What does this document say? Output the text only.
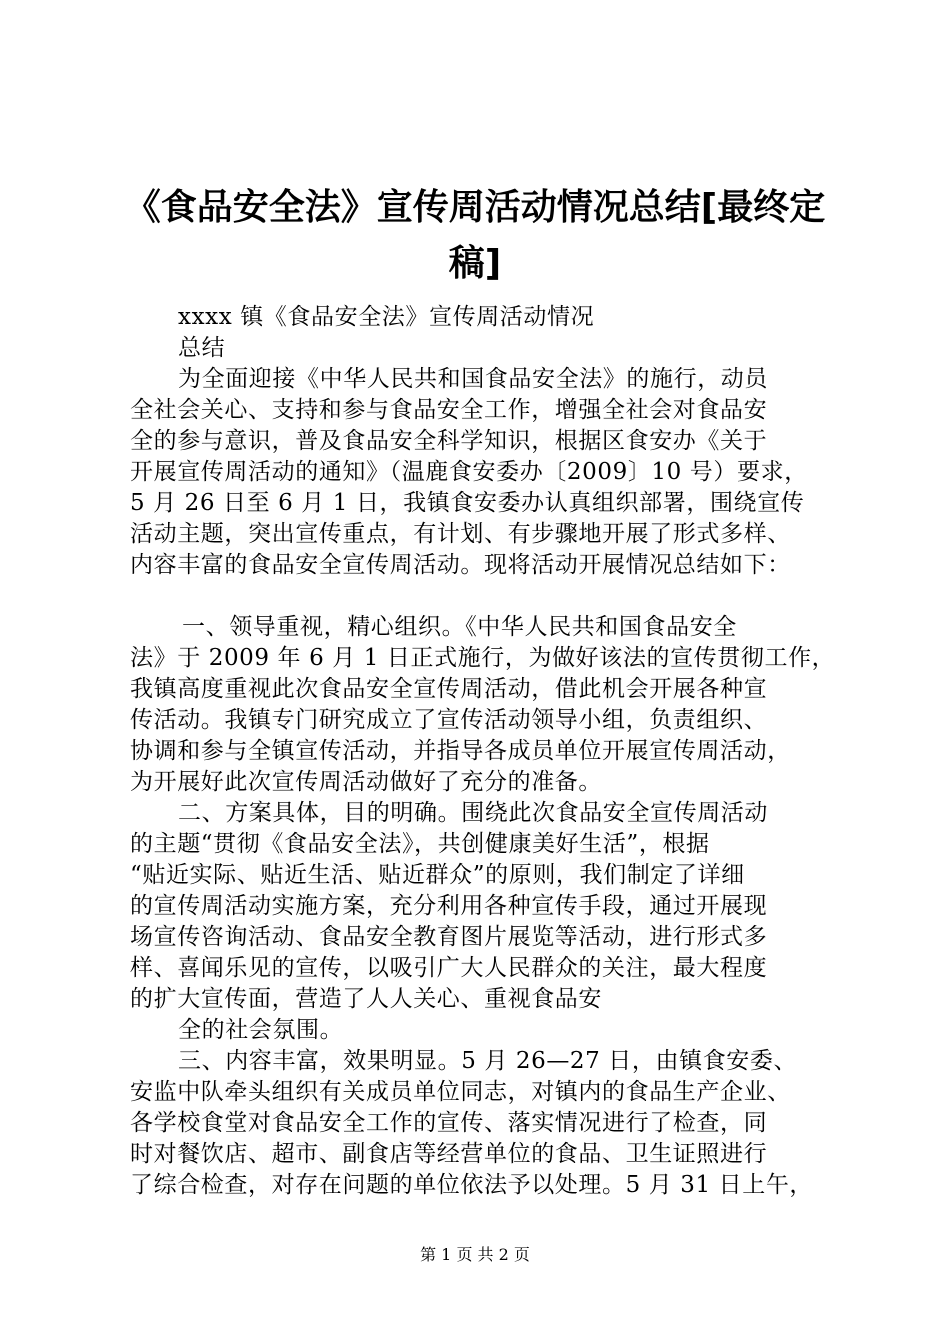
《食品安全法》宣传周活动情况总结[最终定
稿]
xxxx 镇《食品安全法》宣传周活动情况
总结
为全面迎接《中华人民共和国食品安全法》的施行，动员
全社会关心、支持和参与食品安全工作，增强全社会对食品安
全的参与意识，普及食品安全科学知识，根据区食安办《关于
开展宣传周活动的通知》（温鹿食安委办〔2009〕10 号）要求，
5 月 26 日至 6 月 1 日，我镇食安委办认真组织部署，围绕宣传
活动主题，突出宣传重点，有计划、有步骤地开展了形式多样、
内容丰富的食品安全宣传周活动。现将活动开展情况总结如下：
一、领导重视，精心组织。《中华人民共和国食品安全
法》于 2009 年 6 月 1 日正式施行，为做好该法的宣传贯彻工作，
我镇高度重视此次食品安全宣传周活动，借此机会开展各种宣
传活动。我镇专门研究成立了宣传活动领导小组，负责组织、
协调和参与全镇宣传活动，并指导各成员单位开展宣传周活动，
为开展好此次宣传周活动做好了充分的准备。
二、方案具体，目的明确。围绕此次食品安全宣传周活动
的主题“贯彻《食品安全法》，共创健康美好生活”，根据
“贴近实际、贴近生活、贴近群众”的原则，我们制定了详细
的宣传周活动实施方案，充分利用各种宣传手段，通过开展现
场宣传咨询活动、食品安全教育图片展览等活动，进行形式多
样、喜闻乐见的宣传，以吸引广大人民群众的关注，最大程度
的扩大宣传面，营造了人人关心、重视食品安
全的社会氛围。
三、内容丰富，效果明显。5 月 26—27 日，由镇食安委、
安监中队牵头组织有关成员单位同志，对镇内的食品生产企业、
各学校食堂对食品安全工作的宣传、落实情况进行了检查，同
时对餐饮店、超市、副食店等经营单位的食品、卫生证照进行
了综合检查，对存在问题的单位依法予以处理。5 月 31 日上午，
第 1 页 共 2 页
